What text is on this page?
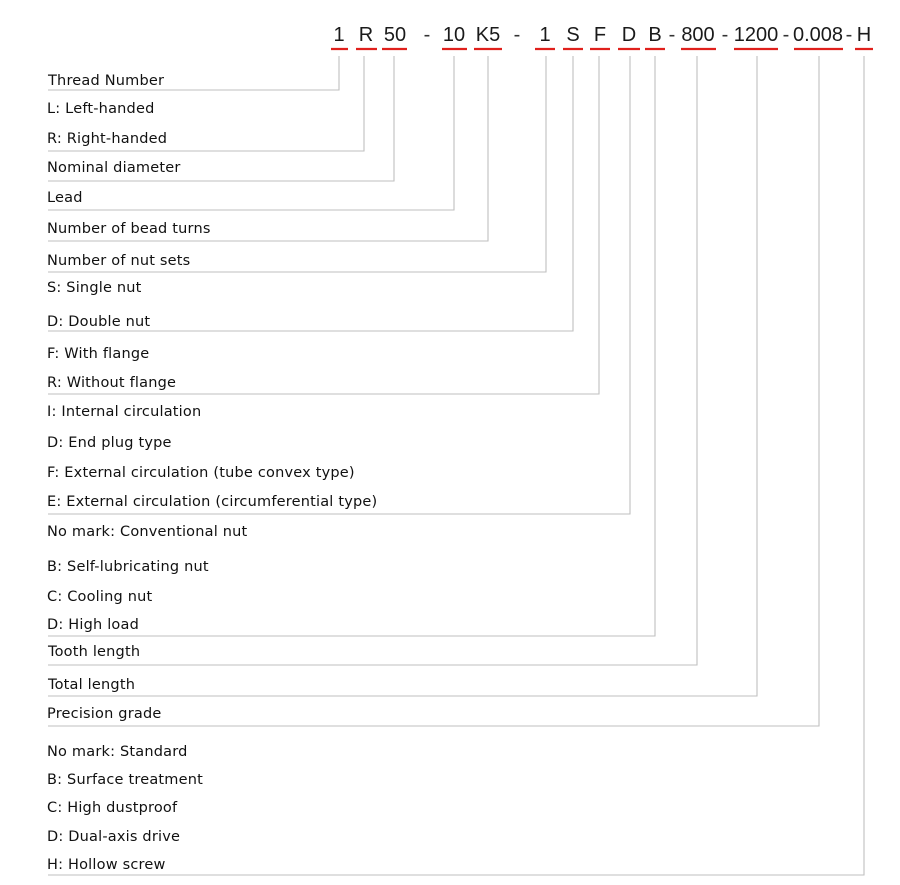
1 R 50 - 10 K5 - 1 S F D B - 800 - 1200 - 0.008 - H
Thread Number
L: Left-handed
R: Right-handed
Nominal diameter
Lead
Number of bead turns
Number of nut sets
S: Single nut
D: Double nut
F: With flange
R: Without flange
I: Internal circulation
D: End plug type
F: External circulation (tube convex type)
E: External circulation (circumferential type)
No mark: Conventional nut
B: Self-lubricating nut
C: Cooling nut
D: High load
Tooth length
Total length
Precision grade
No mark: Standard
B: Surface treatment
C: High dustproof
D: Dual-axis drive
H: Hollow screw
